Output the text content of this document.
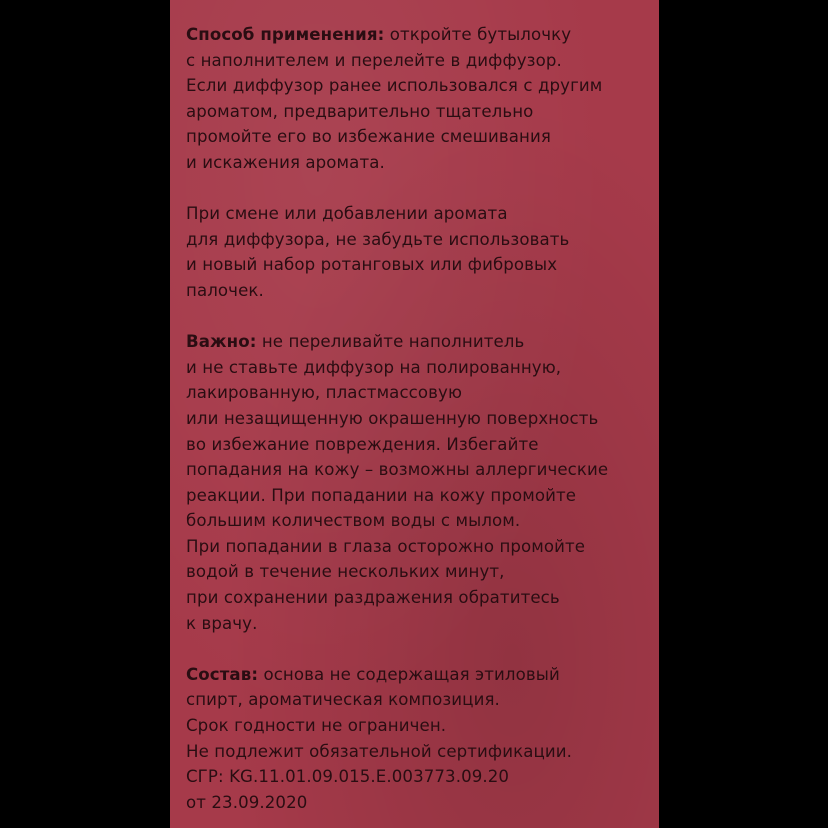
Способ применения: откройте бутылочку
с наполнителем и перелейте в диффузор.
Если диффузор ранее использовался с другим
ароматом, предварительно тщательно
промойте его во избежание смешивания
и искажения аромата.
При смене или добавлении аромата
для диффузора, не забудьте использовать
и новый набор ротанговых или фибровых
палочек.
Важно: не переливайте наполнитель
и не ставьте диффузор на полированную,
лакированную, пластмассовую
или незащищенную окрашенную поверхность
во избежание повреждения. Избегайте
попадания на кожу – возможны аллергические
реакции. При попадании на кожу промойте
большим количеством воды с мылом.
При попадании в глаза осторожно промойте
водой в течение нескольких минут,
при сохранении раздражения обратитесь
к врачу.
Состав: основа не содержащая этиловый
спирт, ароматическая композиция.
Срок годности не ограничен.
Не подлежит обязательной сертификации.
СГР: KG.11.01.09.015.E.003773.09.20
от 23.09.2020
